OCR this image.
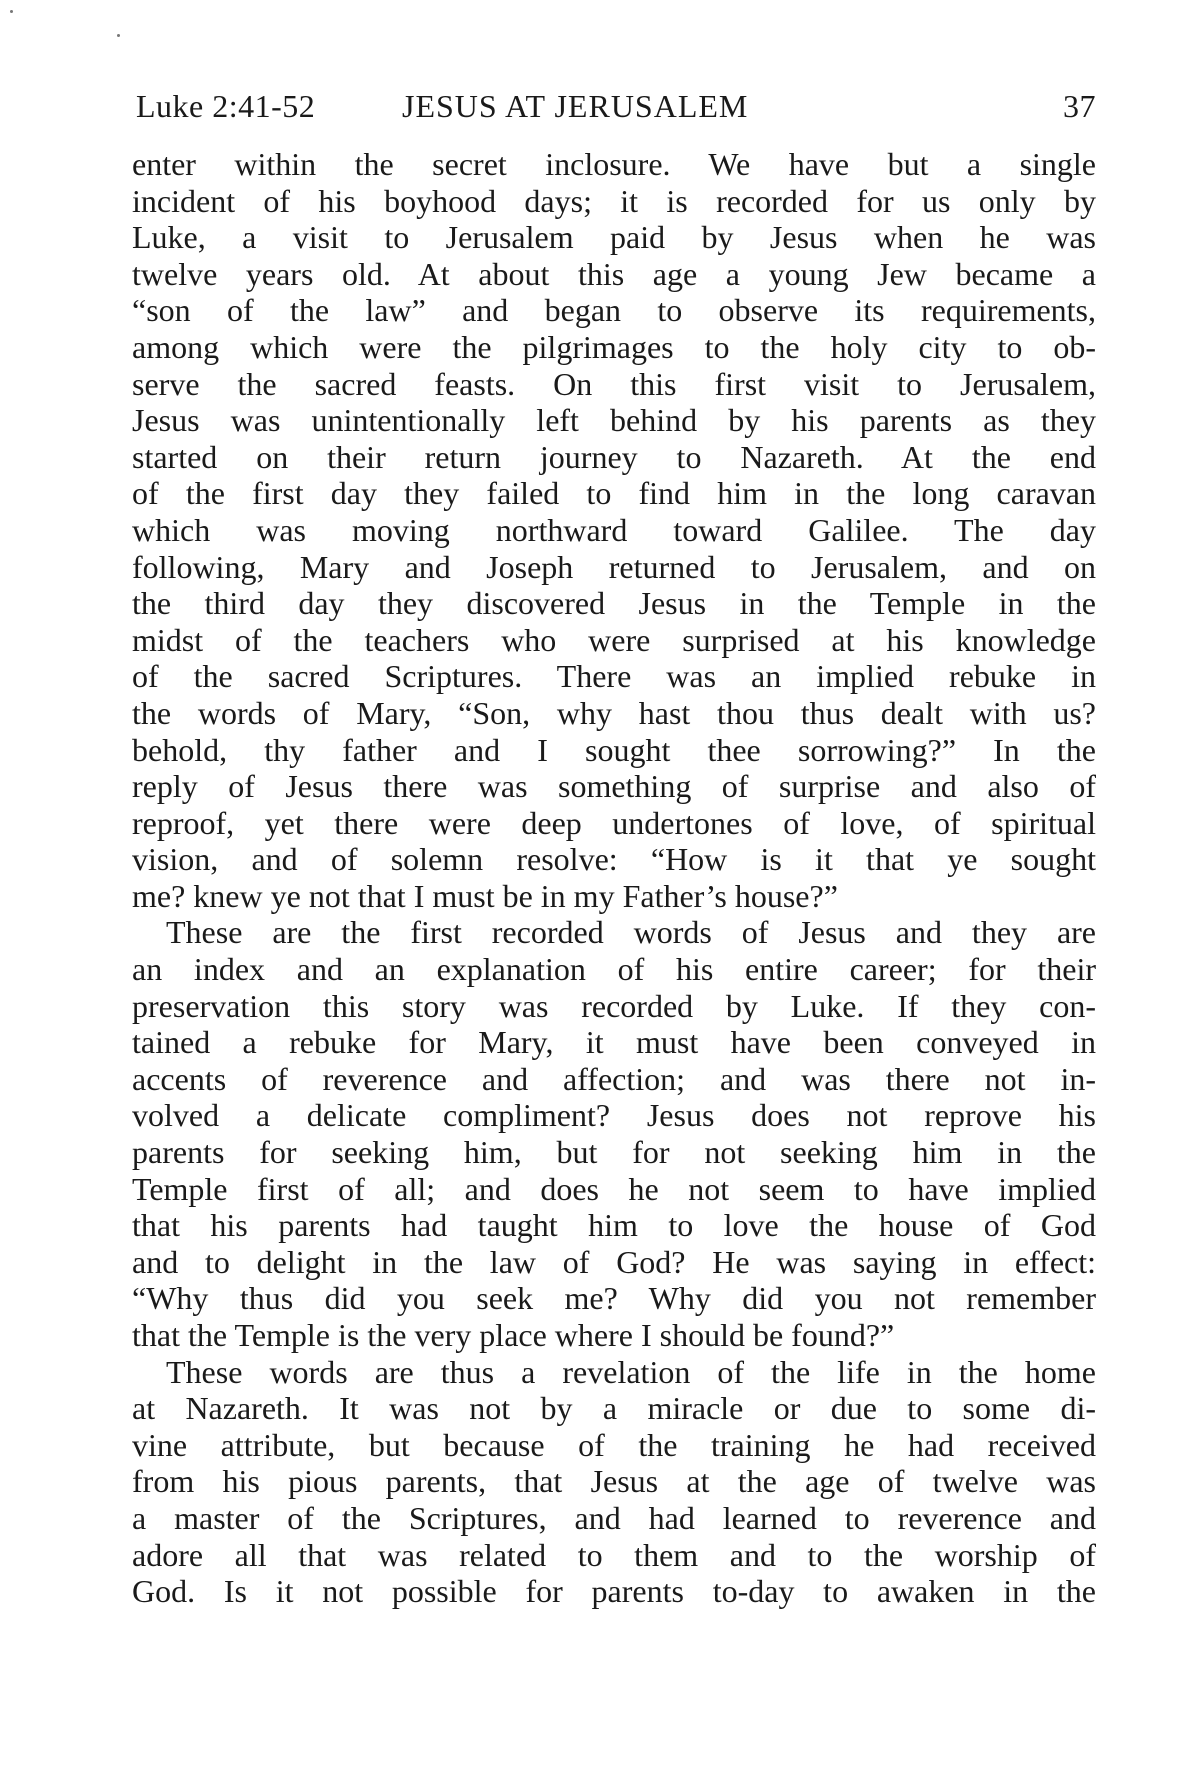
Luke 2:41-52	JESUS AT JERUSALEM	37
enter within the secret inclosure. We have but a single
incident of his boyhood days; it is recorded for us only by
Luke, a visit to Jerusalem paid by Jesus when he was
twelve years old. At about this age a young Jew became a
“son of the law” and began to observe its requirements,
among which were the pilgrimages to the holy city to ob-
serve the sacred feasts. On this first visit to Jerusalem,
Jesus was unintentionally left behind by his parents as they
started on their return journey to Nazareth. At the end
of the first day they failed to find him in the long caravan
which was moving northward toward Galilee. The day
following, Mary and Joseph returned to Jerusalem, and on
the third day they discovered Jesus in the Temple in the
midst of the teachers who were surprised at his knowledge
of the sacred Scriptures. There was an implied rebuke in
the words of Mary, “Son, why hast thou thus dealt with us?
behold, thy father and I sought thee sorrowing?” In the
reply of Jesus there was something of surprise and also of
reproof, yet there were deep undertones of love, of spiritual
vision, and of solemn resolve: “How is it that ye sought
me? knew ye not that I must be in my Father’s house?”
These are the first recorded words of Jesus and they are
an index and an explanation of his entire career; for their
preservation this story was recorded by Luke. If they con-
tained a rebuke for Mary, it must have been conveyed in
accents of reverence and affection; and was there not in-
volved a delicate compliment? Jesus does not reprove his
parents for seeking him, but for not seeking him in the
Temple first of all; and does he not seem to have implied
that his parents had taught him to love the house of God
and to delight in the law of God? He was saying in effect:
“Why thus did you seek me? Why did you not remember
that the Temple is the very place where I should be found?”
These words are thus a revelation of the life in the home
at Nazareth. It was not by a miracle or due to some di-
vine attribute, but because of the training he had received
from his pious parents, that Jesus at the age of twelve was
a master of the Scriptures, and had learned to reverence and
adore all that was related to them and to the worship of
God. Is it not possible for parents to-day to awaken in the
